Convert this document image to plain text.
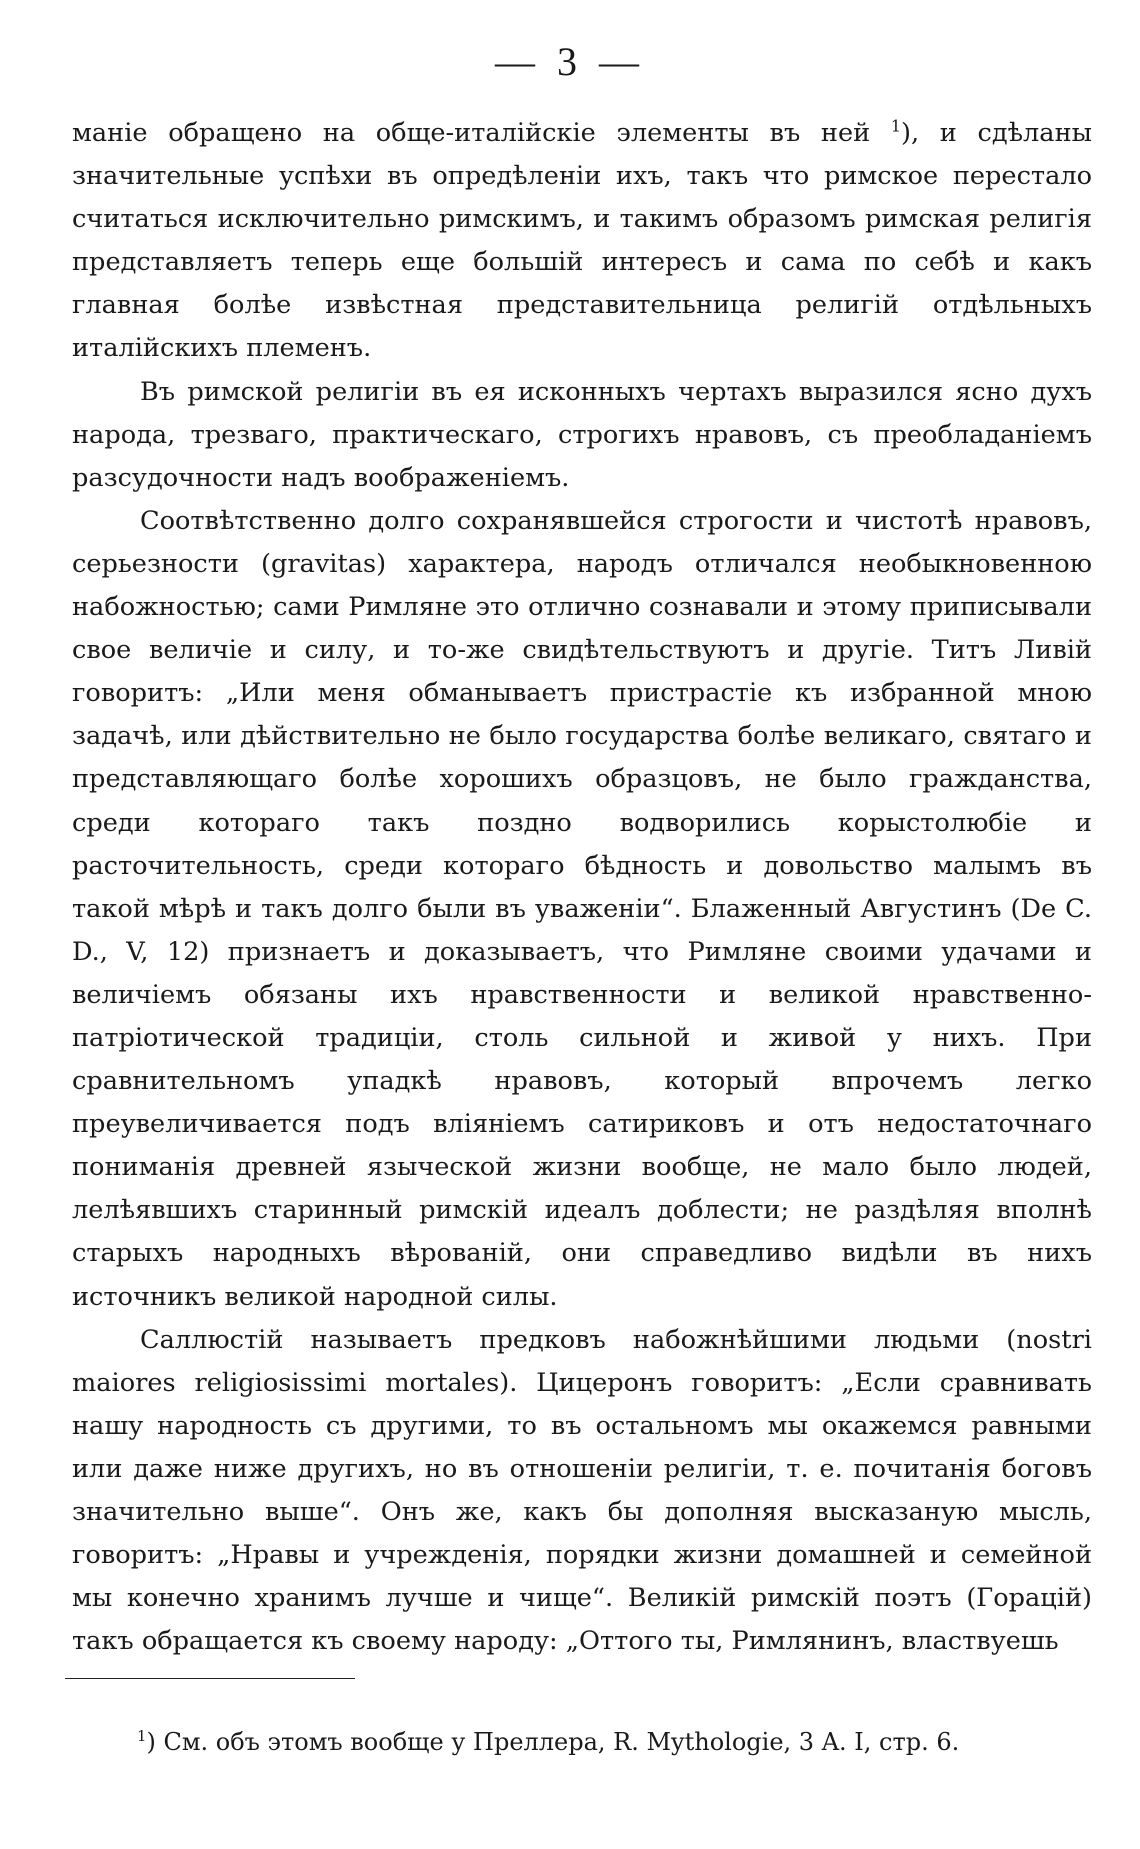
— 3 —

маніе обращено на обще-италійскіе элементы въ ней $^1$), и сдѣланы значительные успѣхи въ опредѣленіи ихъ, такъ что римское перестало считаться исключительно римскимъ, и такимъ образомъ римская религія представляетъ теперь еще большій интересъ и сама по себѣ и какъ главная болѣе извѣстная представительница религій отдѣльныхъ италійскихъ племенъ.

Въ римской религіи въ ея исконныхъ чертахъ выразился ясно духъ народа, трезваго, практическаго, строгихъ нравовъ, съ преобладаніемъ разсудочности надъ воображеніемъ.

Соотвѣтственно долго сохранявшейся строгости и чистотѣ нравовъ, серьезности (gravitas) характера, народъ отличался необыкновенною набожностью; сами Римляне это отлично сознавали и этому приписывали свое величіе и силу, и то-же свидѣтельствуютъ и другіе. Титъ Ливій говоритъ: „Или меня обманываетъ пристрастіе къ избранной мною задачѣ, или дѣйствительно не было государства болѣе великаго, святаго и представляющаго болѣе хорошихъ образцовъ, не было гражданства, среди котораго такъ поздно водворились корыстолюбіе и расточительность, среди котораго бѣдность и довольство малымъ въ такой мѣрѣ и такъ долго были въ уваженіи“. Блаженный Августинъ (De C. D., V, 12) признаетъ и доказываетъ, что Римляне своими удачами и величіемъ обязаны ихъ нравственности и великой нравственно-патріотической традиціи, столь сильной и живой у нихъ. При сравнительномъ упадкѣ нравовъ, который впрочемъ легко преувеличивается подъ вліяніемъ сатириковъ и отъ недостаточнаго пониманія древней языческой жизни вообще, не мало было людей, лелѣявшихъ старинный римскій идеалъ доблести; не раздѣляя вполнѣ старыхъ народныхъ вѣрованій, они справедливо видѣли въ нихъ источникъ великой народной силы.

Саллюстій называетъ предковъ набожнѣйшими людьми (nostri maiores religiosissimi mortales). Цицеронъ говоритъ: „Если сравнивать нашу народность съ другими, то въ остальномъ мы окажемся равными или даже ниже другихъ, но въ отношеніи религіи, т. е. почитанія боговъ значительно выше“. Онъ же, какъ бы дополняя высказаную мысль, говоритъ: „Нравы и учрежденія, порядки жизни домашней и семейной мы конечно хранимъ лучше и чище“. Великій римскій поэтъ (Горацій) такъ обращается къ своему народу: „Оттого ты, Римлянинъ, властвуешь

$^1$) См. объ этомъ вообще у Преллера, R. Mythologie, 3 A. I, стр. 6.
